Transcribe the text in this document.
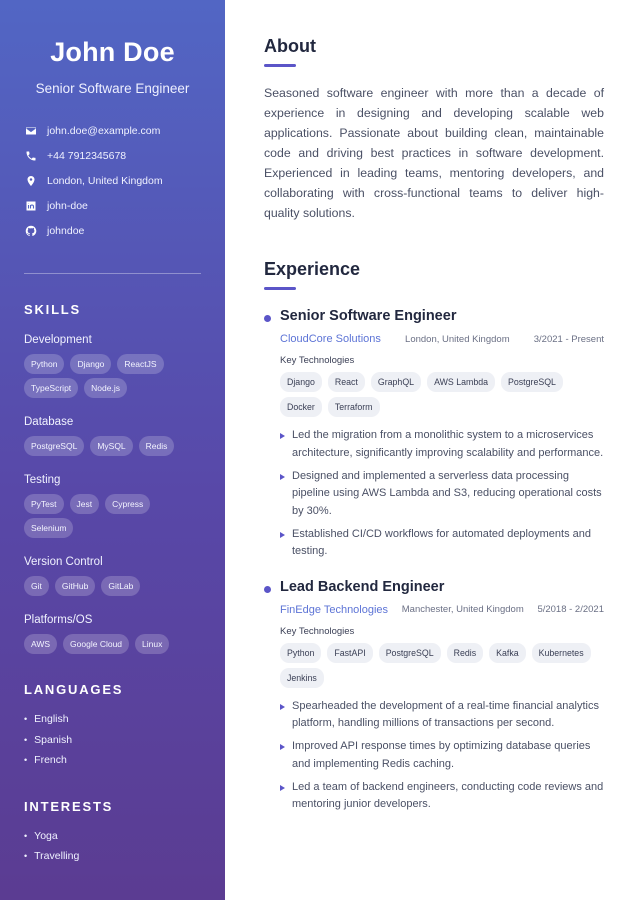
John Doe
Senior Software Engineer
john.doe@example.com
+44 7912345678
London, United Kingdom
john-doe
johndoe
SKILLS
Development
Python	Django	ReactJS
TypeScript	Node.js
Database
PostgreSQL	MySQL	Redis
Testing
PyTest	Jest	Cypress
Selenium
Version Control
Git	GitHub	GitLab
Platforms/OS
AWS	Google Cloud	Linux
LANGUAGES
• English
• Spanish
• French
INTERESTS
• Yoga
• Travelling
About

Seasoned software engineer with more than a decade of experience in designing and developing scalable web applications. Passionate about building clean, maintainable code and driving best practices in software development. Experienced in leading teams, mentoring developers, and collaborating with cross-functional teams to deliver high-quality solutions.

Experience
Senior Software Engineer
CloudCore Solutions	London, United Kingdom	3/2021 - Present
Key Technologies
Django	React	GraphQL	AWS Lambda	PostgreSQL
Docker	Terraform
Led the migration from a monolithic system to a microservices architecture, significantly improving scalability and performance.
Designed and implemented a serverless data processing pipeline using AWS Lambda and S3, reducing operational costs by 30%.
Established CI/CD workflows for automated deployments and testing.
Lead Backend Engineer
FinEdge Technologies Manchester, United Kingdom 5/2018 - 2/2021
Key Technologies
Python	FastAPI	PostgreSQL	Redis	Kafka	Kubernetes
Jenkins
Spearheaded the development of a real-time financial analytics platform, handling millions of transactions per second.
Improved API response times by optimizing database queries and implementing Redis caching.
Led a team of backend engineers, conducting code reviews and mentoring junior developers.
